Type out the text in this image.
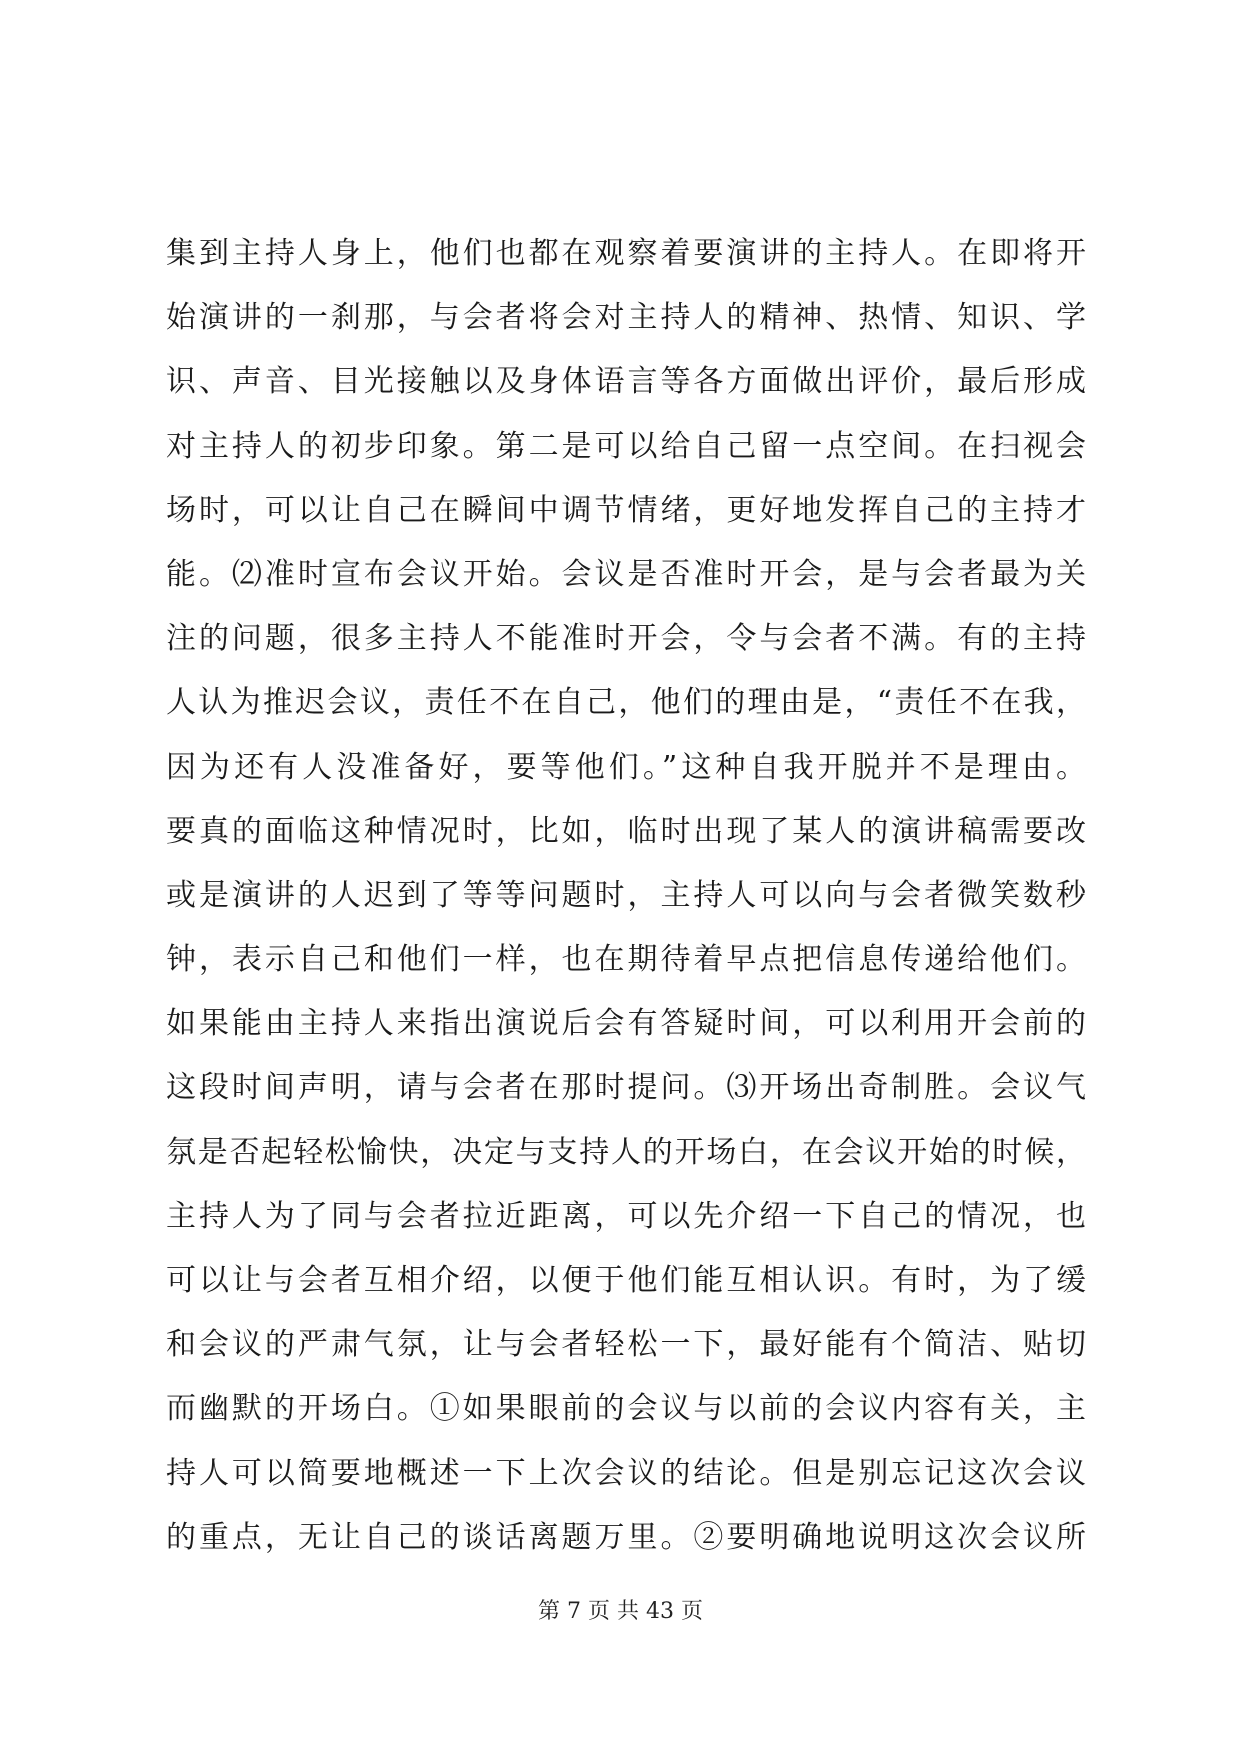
集到主持人身上，他们也都在观察着要演讲的主持人。在即将开
始演讲的一刹那，与会者将会对主持人的精神、热情、知识、学
识、声音、目光接触以及身体语言等各方面做出评价，最后形成
对主持人的初步印象。第二是可以给自己留一点空间。在扫视会
场时，可以让自己在瞬间中调节情绪，更好地发挥自己的主持才
能。⑵准时宣布会议开始。会议是否准时开会，是与会者最为关
注的问题，很多主持人不能准时开会，令与会者不满。有的主持
人认为推迟会议，责任不在自己，他们的理由是，“责任不在我，
因为还有人没准备好，要等他们。”这种自我开脱并不是理由。
要真的面临这种情况时，比如，临时出现了某人的演讲稿需要改
或是演讲的人迟到了等等问题时，主持人可以向与会者微笑数秒
钟，表示自己和他们一样，也在期待着早点把信息传递给他们。
如果能由主持人来指出演说后会有答疑时间，可以利用开会前的
这段时间声明，请与会者在那时提问。⑶开场出奇制胜。会议气
氛是否起轻松愉快，决定与支持人的开场白，在会议开始的时候，
主持人为了同与会者拉近距离，可以先介绍一下自己的情况，也
可以让与会者互相介绍，以便于他们能互相认识。有时，为了缓
和会议的严肃气氛，让与会者轻松一下，最好能有个简洁、贴切
而幽默的开场白。①如果眼前的会议与以前的会议内容有关，主
持人可以简要地概述一下上次会议的结论。但是别忘记这次会议
的重点，无让自己的谈话离题万里。②要明确地说明这次会议所
第 7 页 共 43 页
